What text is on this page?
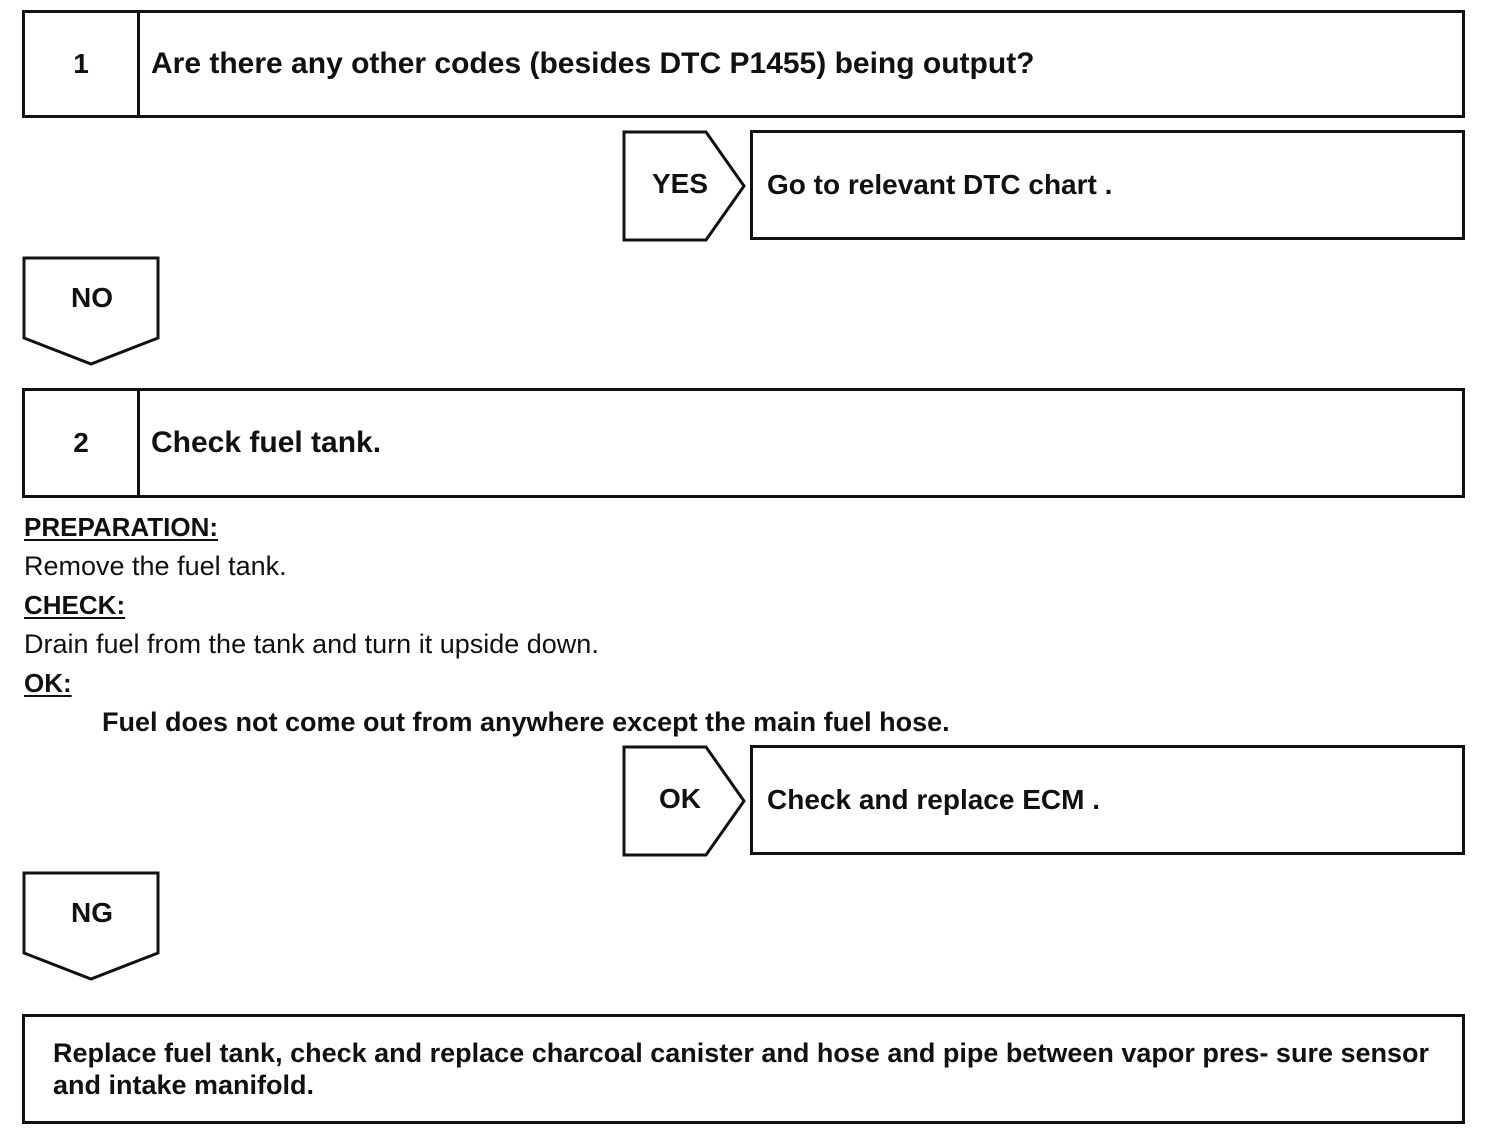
1	Are there any other codes (besides DTC P1455) being output?
YES	Go to relevant DTC chart .
NO
2	Check fuel tank.
PREPARATION:
Remove the fuel tank.
CHECK:
Drain fuel from the tank and turn it upside down.
OK:
Fuel does not come out from anywhere except the main fuel hose.
OK	Check and replace ECM .
NG
Replace fuel tank, check and replace charcoal canister and hose and pipe between vapor pres- sure sensor and intake manifold.
